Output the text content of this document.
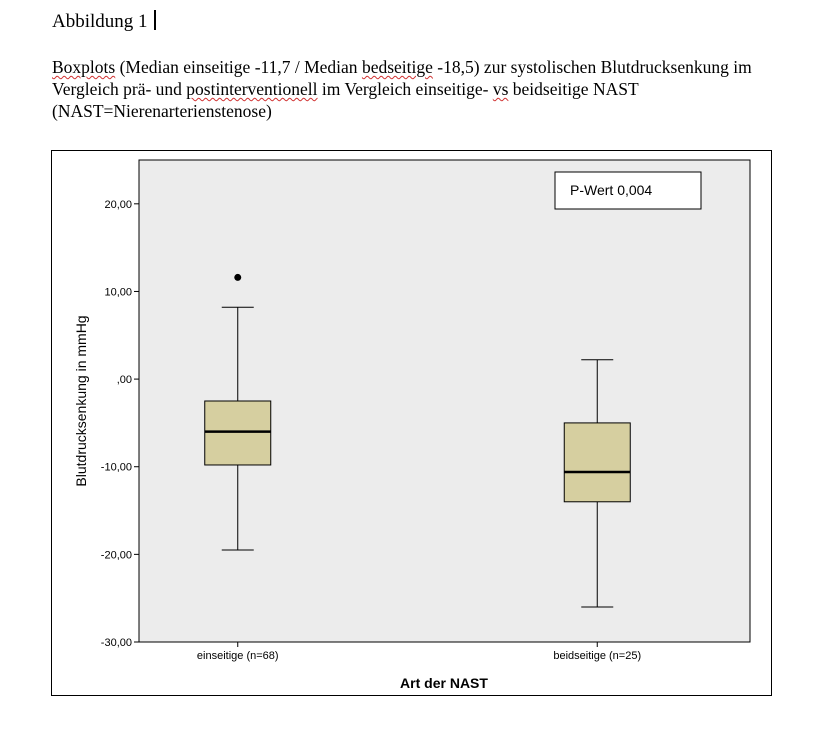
Abbildung 1
Boxplots (Median einseitige -11,7 / Median bedseitige -18,5) zur systolischen Blutdrucksenkung im Vergleich prä- und postinterventionell im Vergleich einseitige- vs beidseitige NAST (NAST=Nierenarterienstenose)
20,00
10,00
,00
-10,00
-20,00
-30,00
einseitige (n=68)	beidseitige (n=25)
P-Wert 0,004
Blutdrucksenkung in mmHg
Art der NAST
